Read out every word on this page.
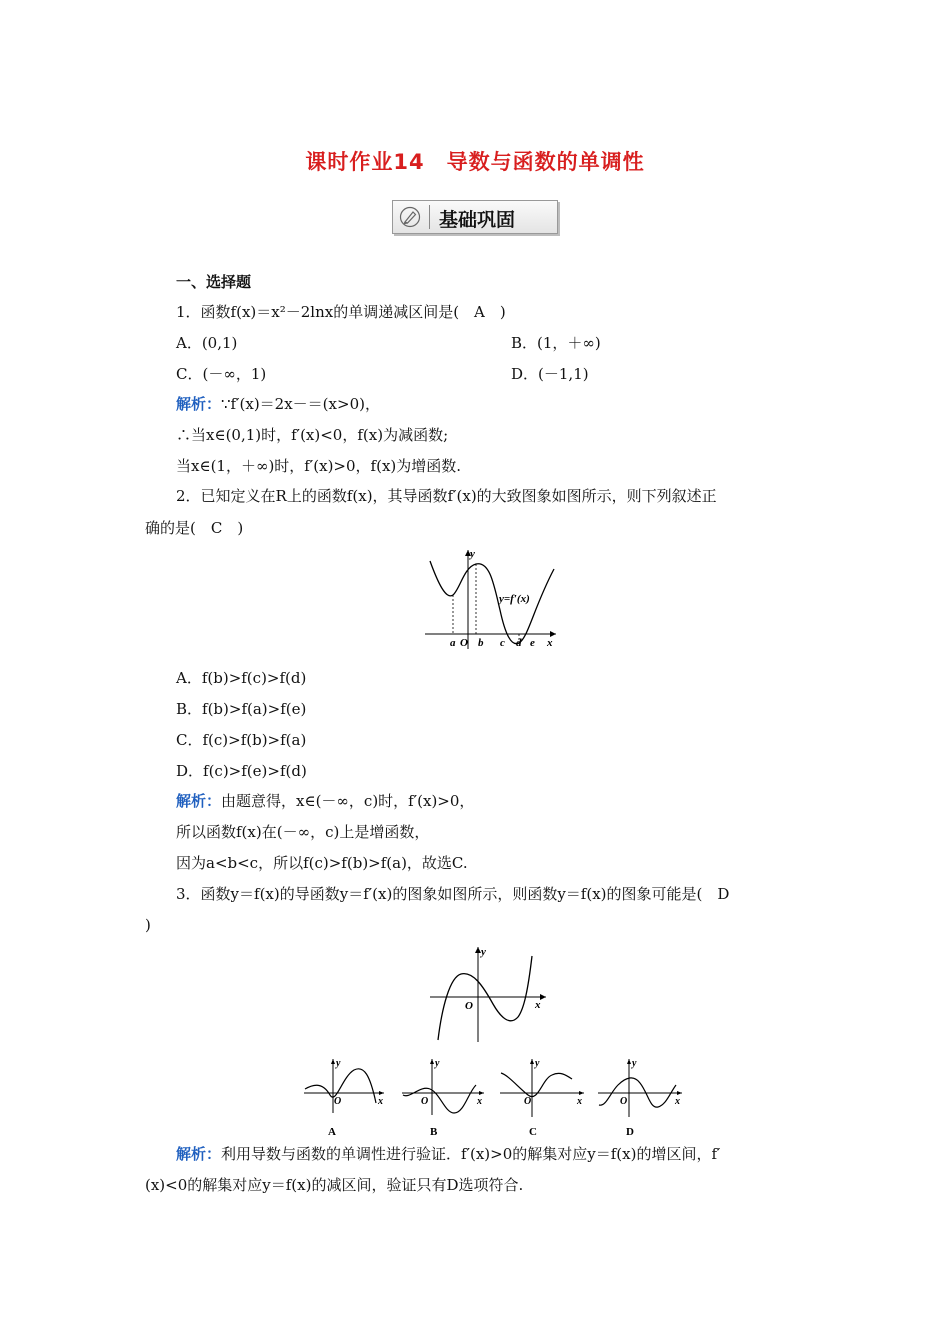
课时作业14　导数与函数的单调性
基础巩固
一、选择题
1．函数f(x)＝x²－2lnx的单调递减区间是(　A　)
A．(0,1)	B．(1，＋∞)
C．(－∞，1)	D．(－1,1)
解析：∵f′(x)＝2x－＝(x>0)，
∴当x∈(0,1)时，f′(x)<0，f(x)为减函数;
当x∈(1，＋∞)时，f′(x)>0，f(x)为增函数.
2．已知定义在R上的函数f(x)，其导函数f′(x)的大致图象如图所示，则下列叙述正
确的是(　C　)
y
x
O
a b c d e
y=f′(x)
A．f(b)>f(c)>f(d)
B．f(b)>f(a)>f(e)
C．f(c)>f(b)>f(a)
D．f(c)>f(e)>f(d)
解析：由题意得，x∈(－∞，c)时，f′(x)>0，
所以函数f(x)在(－∞，c)上是增函数，
因为a<b<c，所以f(c)>f(b)>f(a)，故选C.
3．函数y＝f(x)的导函数y＝f′(x)的图象如图所示，则函数y＝f(x)的图象可能是(　D
)
y
x
O
y
x
O
A
y
x
O
B
y
x
O
C
y
x
O
D
解析：利用导数与函数的单调性进行验证．f′(x)>0的解集对应y＝f(x)的增区间，f′
(x)<0的解集对应y＝f(x)的减区间，验证只有D选项符合.
